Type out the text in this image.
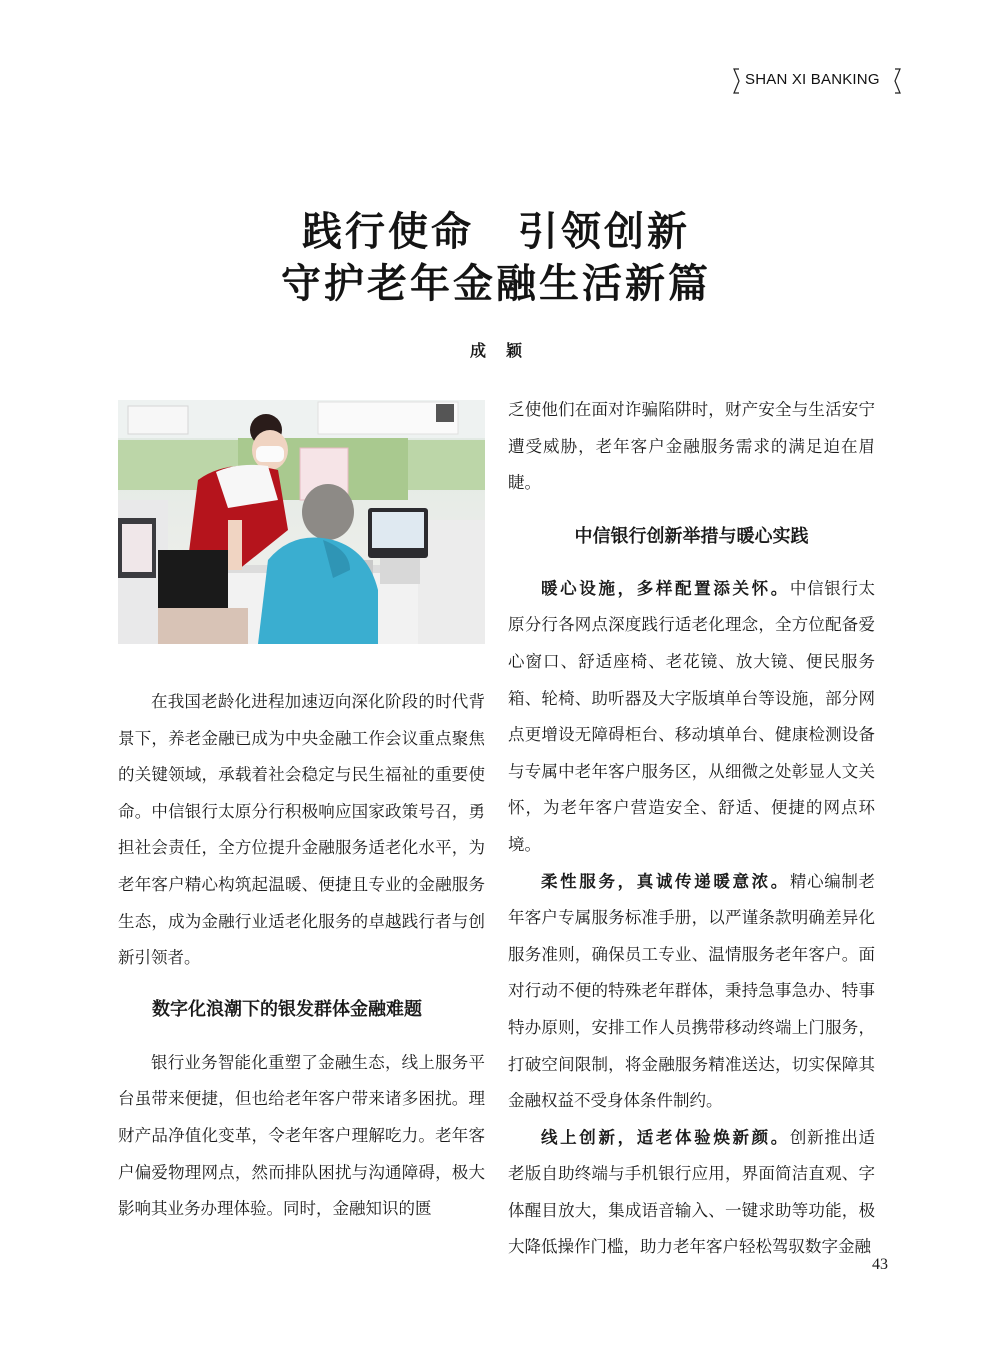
SHAN XI BANKING
践行使命 引领创新
守护老年金融生活新篇
成颖

在我国老龄化进程加速迈向深化阶段的时代背景下，养老金融已成为中央金融工作会议重点聚焦的关键领域，承载着社会稳定与民生福祉的重要使命。中信银行太原分行积极响应国家政策号召，勇担社会责任，全方位提升金融服务适老化水平，为老年客户精心构筑起温暖、便捷且专业的金融服务生态，成为金融行业适老化服务的卓越践行者与创新引领者。

数字化浪潮下的银发群体金融难题

银行业务智能化重塑了金融生态，线上服务平台虽带来便捷，但也给老年客户带来诸多困扰。理财产品净值化变革，令老年客户理解吃力。老年客户偏爱物理网点，然而排队困扰与沟通障碍，极大影响其业务办理体验。同时，金融知识的匮

乏使他们在面对诈骗陷阱时，财产安全与生活安宁遭受威胁，老年客户金融服务需求的满足迫在眉睫。

中信银行创新举措与暖心实践

暖心设施，多样配置添关怀。中信银行太原分行各网点深度践行适老化理念，全方位配备爱心窗口、舒适座椅、老花镜、放大镜、便民服务箱、轮椅、助听器及大字版填单台等设施，部分网点更增设无障碍柜台、移动填单台、健康检测设备与专属中老年客户服务区，从细微之处彰显人文关怀，为老年客户营造安全、舒适、便捷的网点环境。

柔性服务，真诚传递暖意浓。精心编制老年客户专属服务标准手册，以严谨条款明确差异化服务准则，确保员工专业、温情服务老年客户。面对行动不便的特殊老年群体，秉持急事急办、特事特办原则，安排工作人员携带移动终端上门服务，打破空间限制，将金融服务精准送达，切实保障其金融权益不受身体条件制约。

线上创新，适老体验焕新颜。创新推出适老版自助终端与手机银行应用，界面简洁直观、字体醒目放大，集成语音输入、一键求助等功能，极大降低操作门槛，助力老年客户轻松驾驭数字金融

43
